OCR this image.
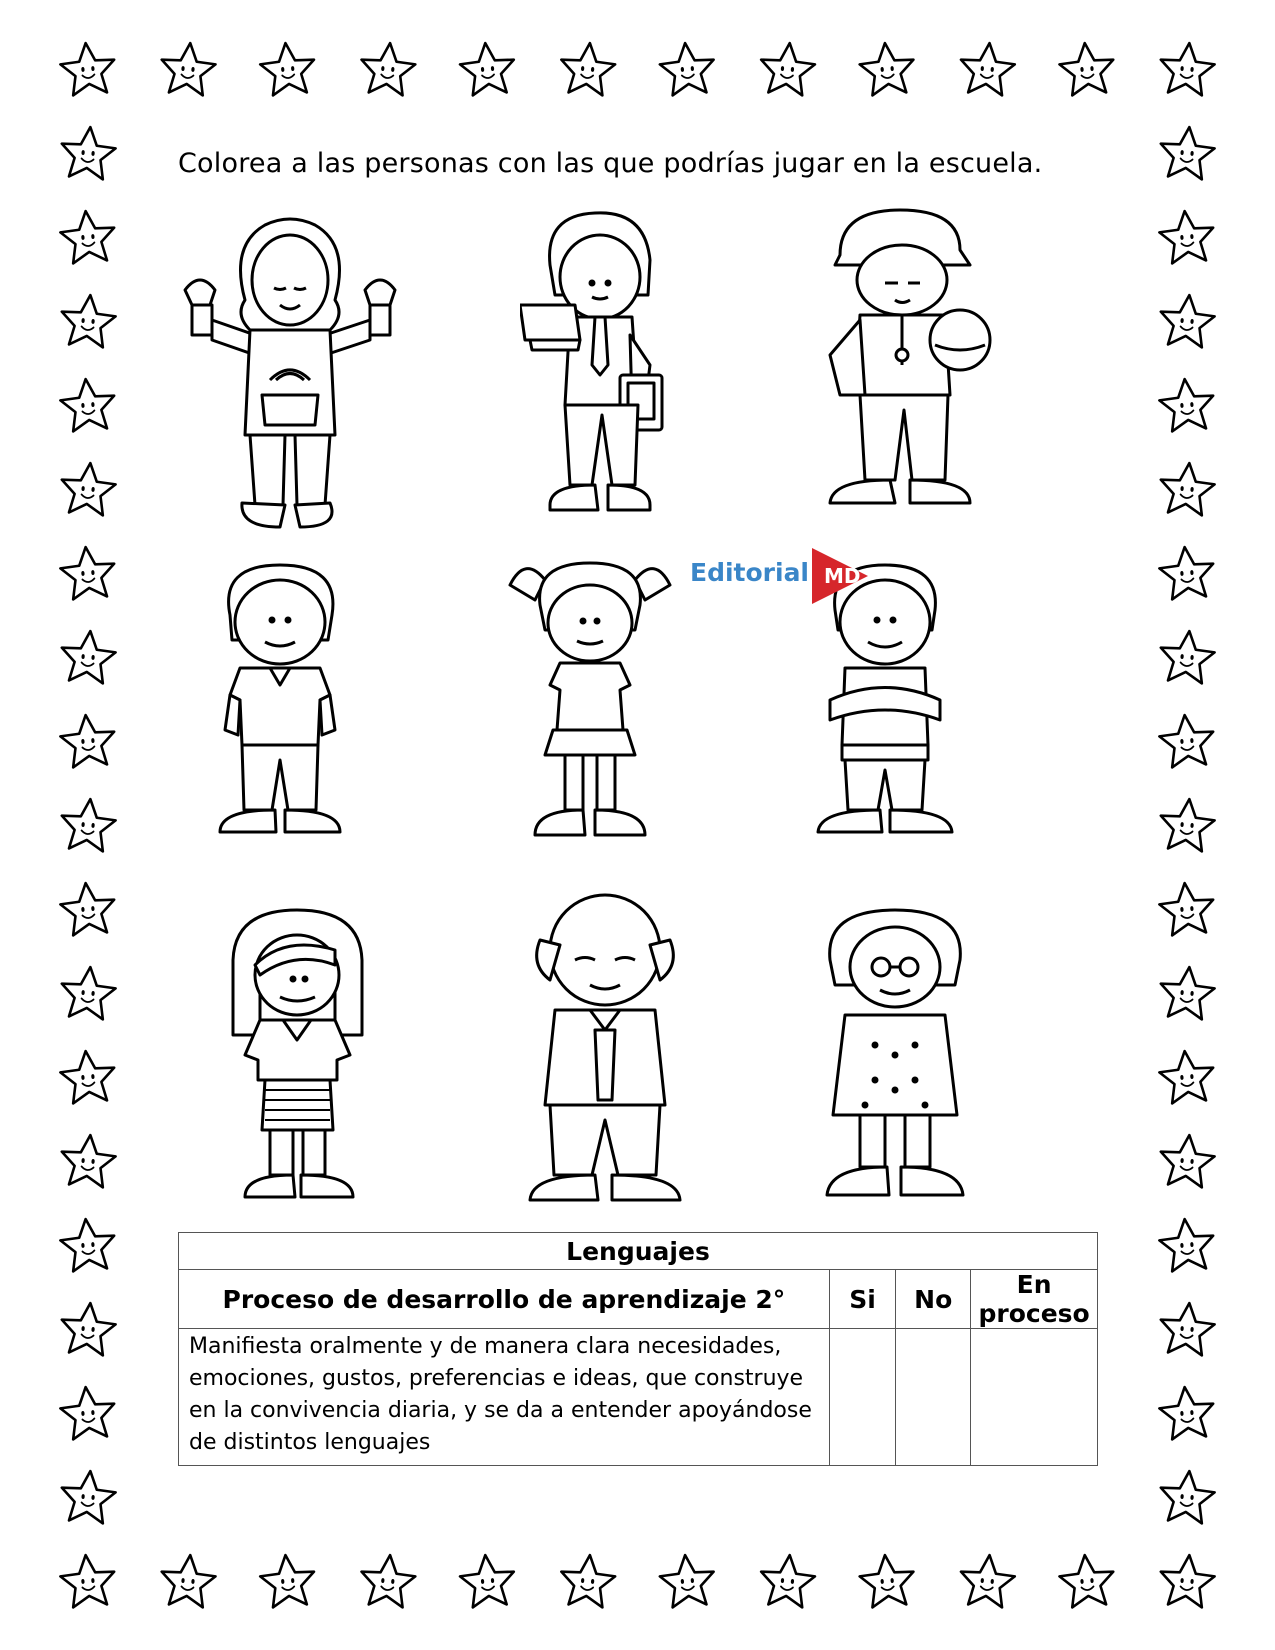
Colorea a las personas con las que podrías jugar en la escuela.
Editorial MD
Lenguajes			
Proceso de desarrollo de aprendizaje 2°	Si	No	En proceso
Manifiesta oralmente y de manera clara necesidades, emociones, gustos, preferencias e ideas, que construye en la convivencia diaria, y se da a entender apoyándose de distintos lenguajes			
